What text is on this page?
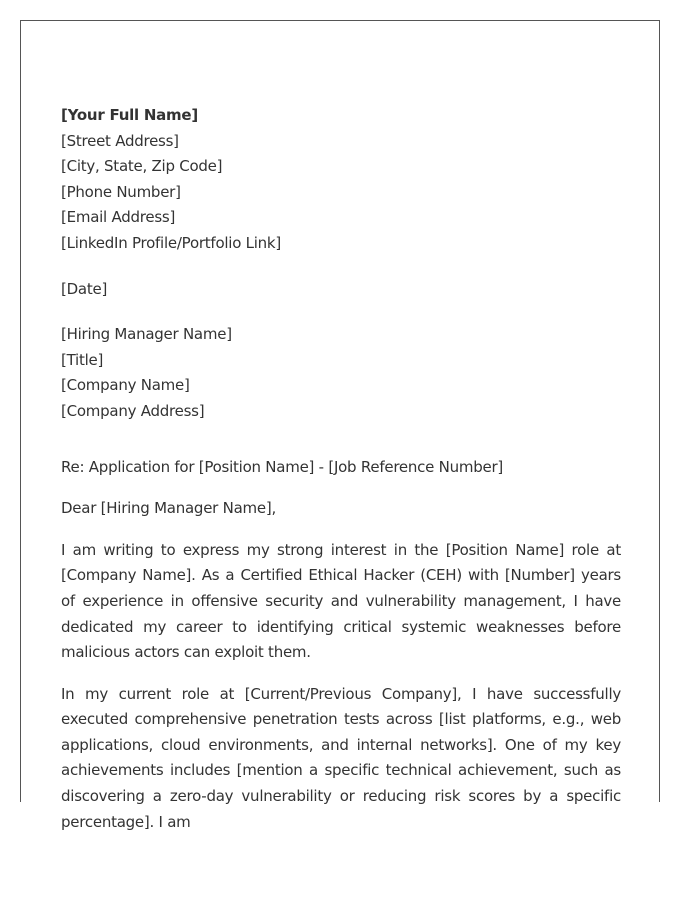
[Your Full Name]
[Street Address]
[City, State, Zip Code]
[Phone Number]
[Email Address]
[LinkedIn Profile/Portfolio Link]
[Date]
[Hiring Manager Name]
[Title]
[Company Name]
[Company Address]
Re: Application for [Position Name] - [Job Reference Number]
Dear [Hiring Manager Name],

I am writing to express my strong interest in the [Position Name] role at [Company Name]. As a Certified Ethical Hacker (CEH) with [Number] years of experience in offensive security and vulnerability management, I have dedicated my career to identifying critical systemic weaknesses before malicious actors can exploit them.

In my current role at [Current/Previous Company], I have successfully executed comprehensive penetration tests across [list platforms, e.g., web applications, cloud environments, and internal networks]. One of my key achievements includes [mention a specific technical achievement, such as discovering a zero-day vulnerability or reducing risk scores by a specific percentage]. I am
